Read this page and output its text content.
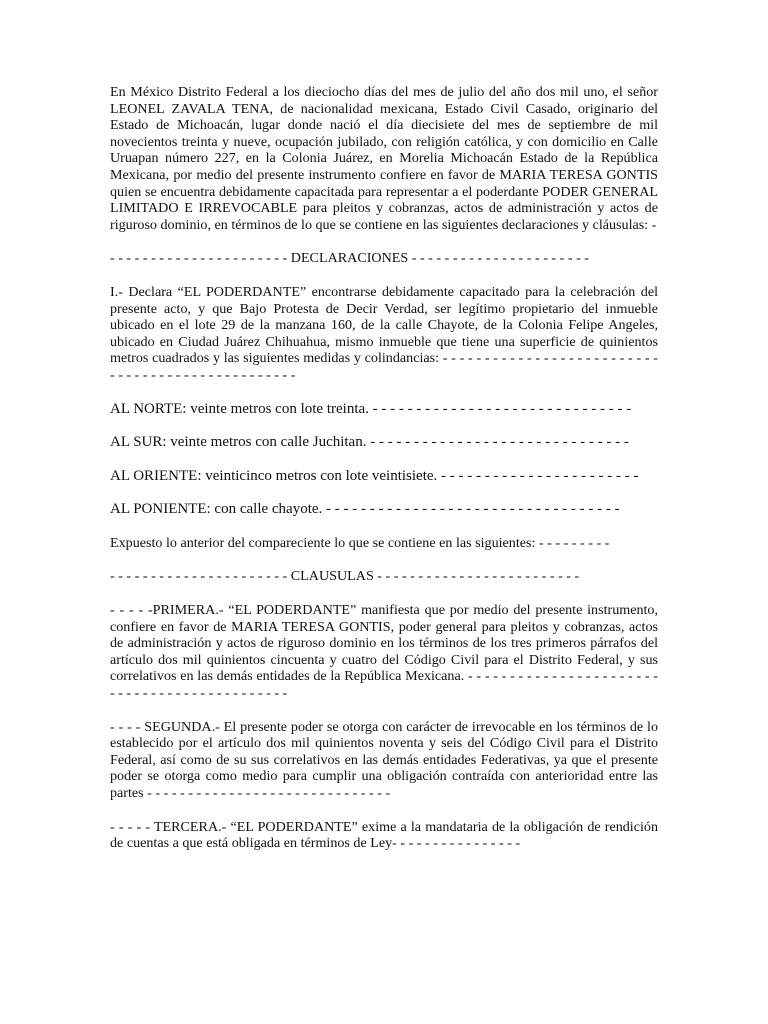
En México Distrito Federal a los dieciocho días del mes de julio del año dos mil uno, el señor LEONEL ZAVALA TENA, de nacionalidad mexicana, Estado Civil Casado, originario del Estado de Michoacán, lugar donde nació el día diecisiete del mes de septiembre de mil novecientos treinta y nueve, ocupación jubilado, con religión católica, y con domicilio en Calle Uruapan número 227, en la Colonia Juárez, en Morelia Michoacán Estado de la República Mexicana, por medio del presente instrumento confiere en favor de MARIA TERESA GONTIS quien se encuentra debidamente capacitada para representar a el poderdante PODER GENERAL LIMITADO E IRREVOCABLE para pleitos y cobranzas, actos de administración y actos de riguroso dominio, en términos de lo que se contiene en las siguientes declaraciones y cláusulas: -

- - - - - - - - - - - - - - - - - - - - - - DECLARACIONES - - - - - - - - - - - - - - - - - - - - - -

I.- Declara “EL PODERDANTE” encontrarse debidamente capacitado para la celebración del presente acto, y que Bajo Protesta de Decir Verdad, ser legítimo propietario del inmueble ubicado en el lote 29 de la manzana 160, de la calle Chayote, de la Colonia Felipe Angeles, ubicado en Ciudad Juárez Chihuahua, mismo inmueble que tiene una superficie de quinientos metros cuadrados y las siguientes medidas y colindancias: - - - - - - - - - - - - - - - - - - - - - - - - - - - - - - - - - - - - - - - - - - - - - - - - -

AL NORTE: veinte metros con lote treinta. - - - - - - - - - - - - - - - - - - - - - - - - - - - - - -

AL SUR: veinte metros con calle Juchitan. - - - - - - - - - - - - - - - - - - - - - - - - - - - - - -

AL ORIENTE: veinticinco metros con lote veintisiete. - - - - - - - - - - - - - - - - - - - - - - -

AL PONIENTE: con calle chayote. - - - - - - - - - - - - - - - - - - - - - - - - - - - - - - - - - -

Expuesto lo anterior del compareciente lo que se contiene en las siguientes: - - - - - - - - -

- - - - - - - - - - - - - - - - - - - - - - CLAUSULAS - - - - - - - - - - - - - - - - - - - - - - - - -

- - - - -PRIMERA.- “EL PODERDANTE” manifiesta que por medio del presente instrumento, confiere en favor de MARIA TERESA GONTIS, poder general para pleitos y cobranzas, actos de administración y actos de riguroso dominio en los términos de los tres primeros párrafos del artículo dos mil quinientos cincuenta y cuatro del Código Civil para el Distrito Federal, y sus correlativos en las demás entidades de la República Mexicana. - - - - - - - - - - - - - - - - - - - - - - - - - - - - - - - - - - - - - - - - - - - - -

- - - - SEGUNDA.- El presente poder se otorga con carácter de irrevocable en los términos de lo establecido por el artículo dos mil quinientos noventa y seis del Código Civil para el Distrito Federal, así como de su sus correlativos en las demás entidades Federativas, ya que el presente poder se otorga como medio para cumplir una obligación contraída con anterioridad entre las partes - - - - - - - - - - - - - - - - - - - - - - - - - - - - - -

- - - - - TERCERA.- “EL PODERDANTE” exime a la mandataria de la obligación de rendición de cuentas a que está obligada en términos de Ley- - - - - - - - - - - - - - - -
